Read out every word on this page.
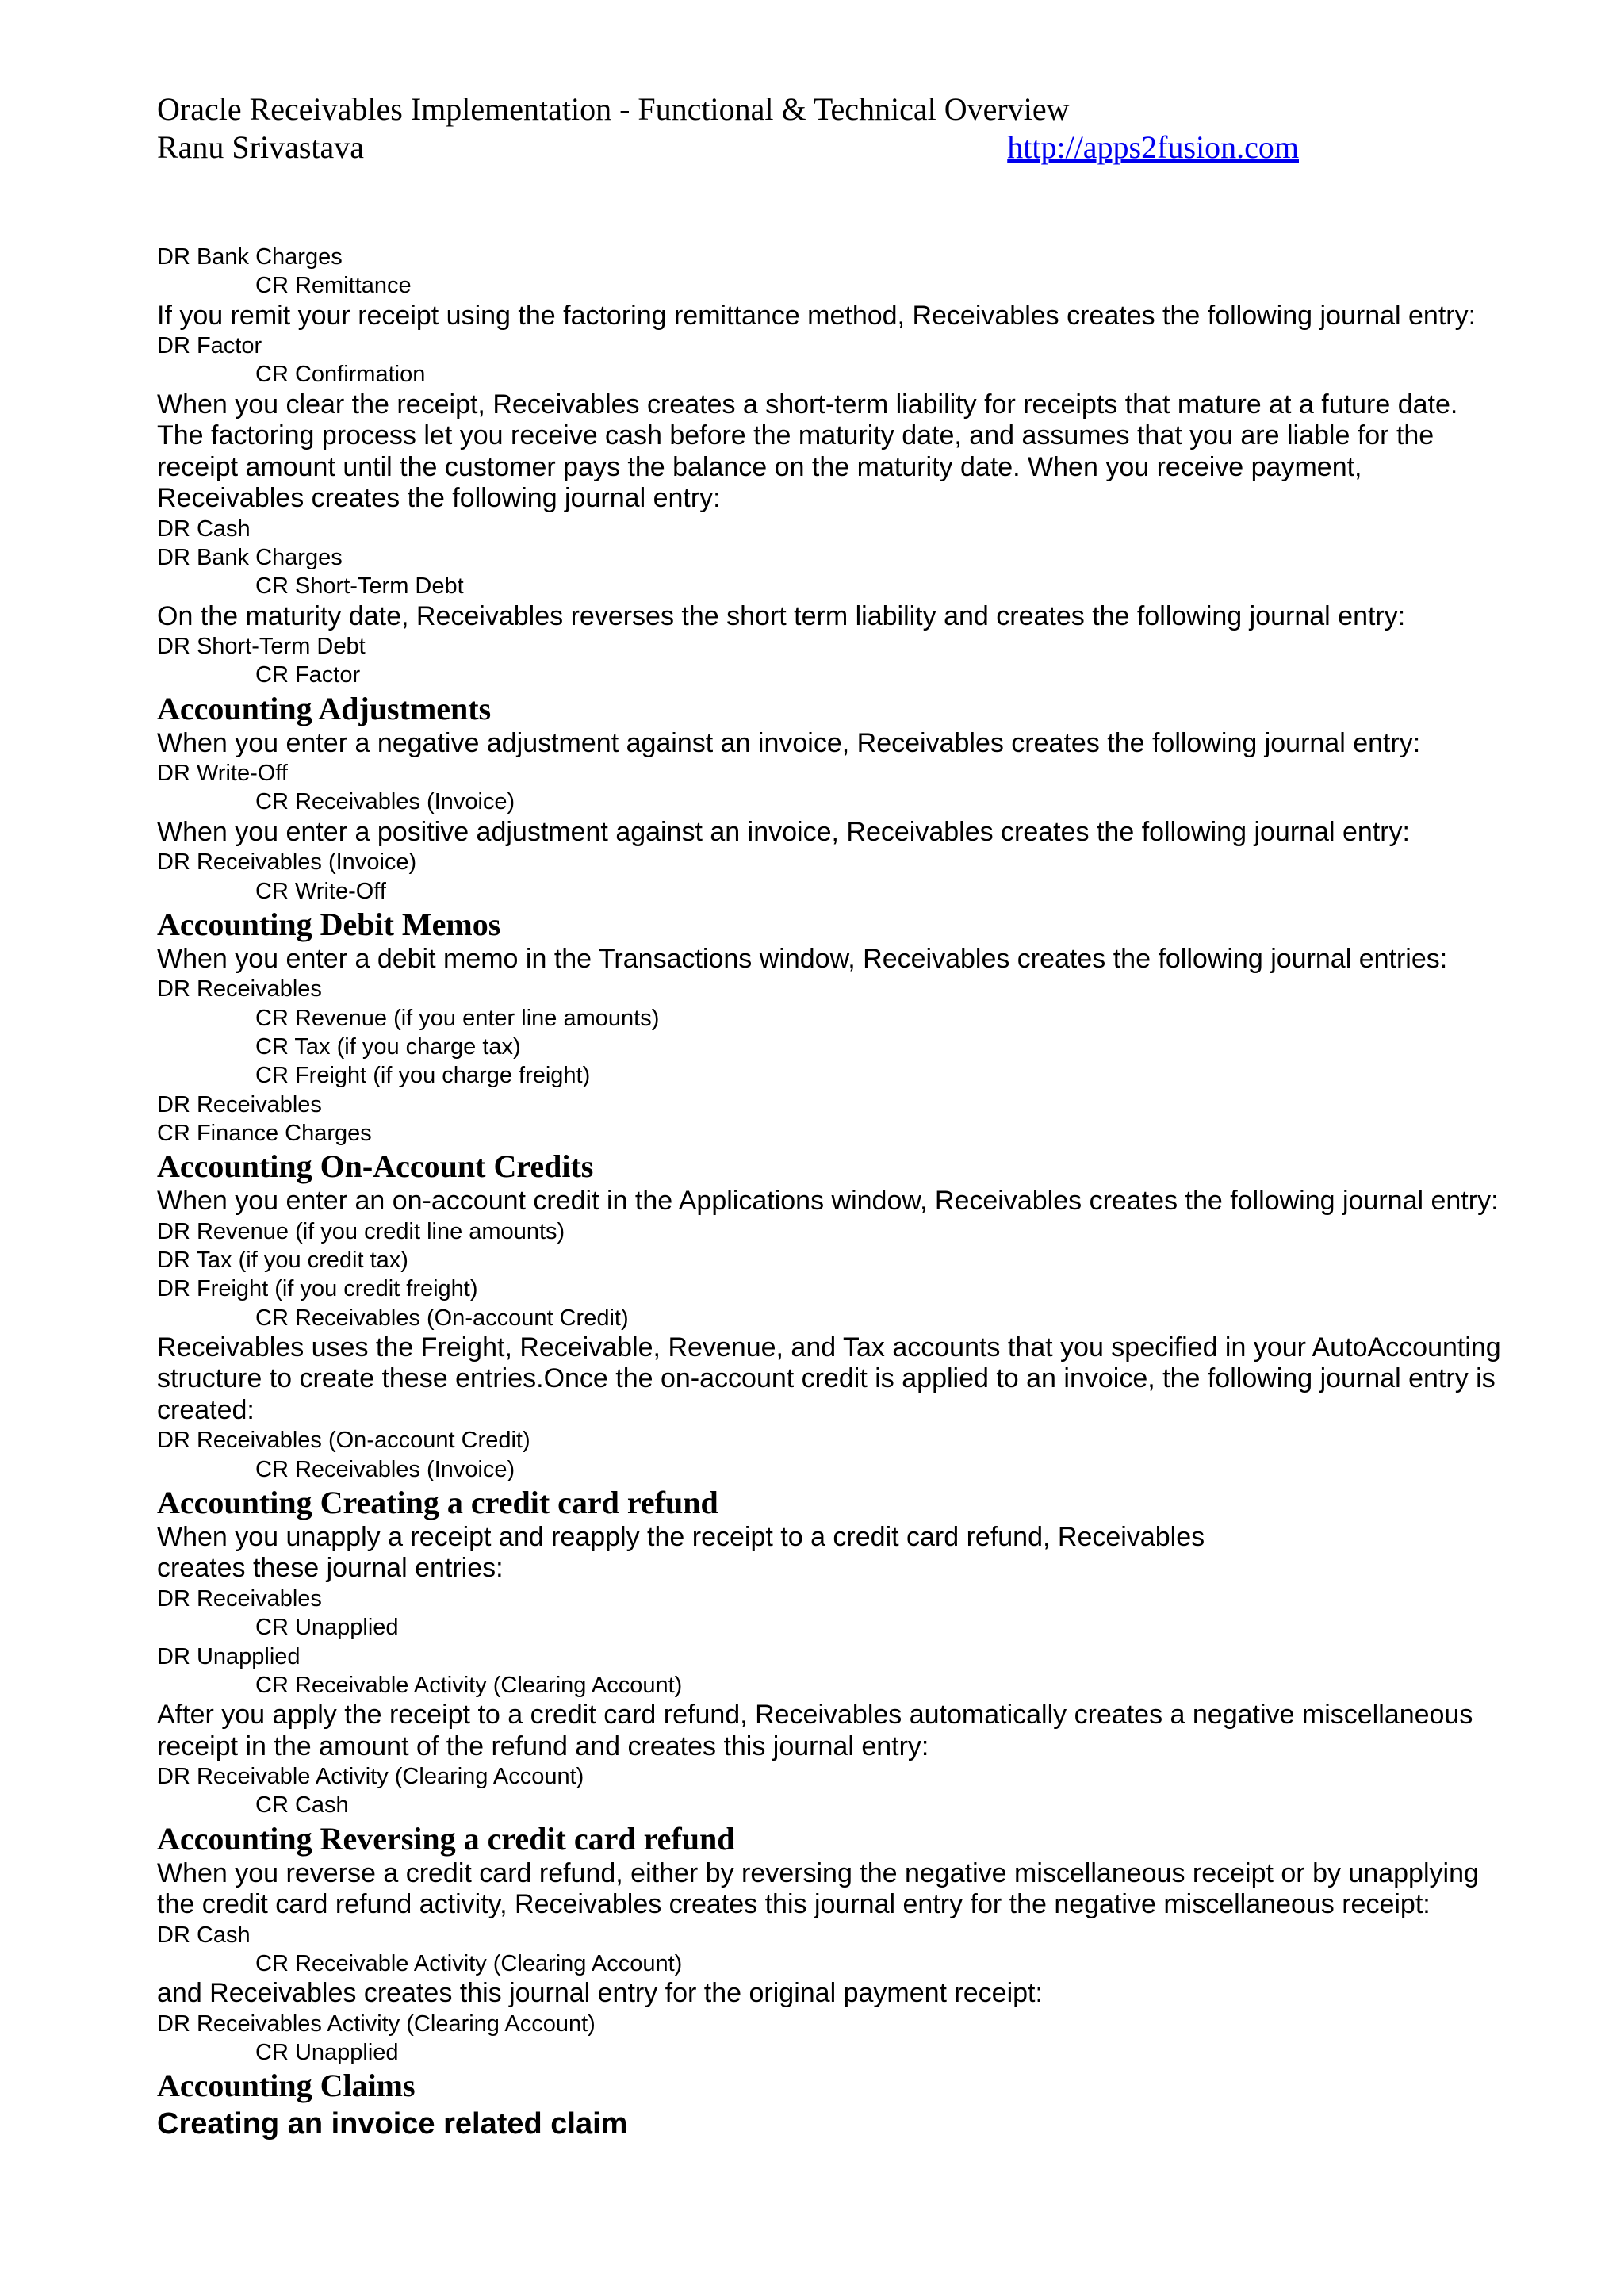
Oracle Receivables Implementation - Functional & Technical Overview
Ranu Srivastava	http://apps2fusion.com
DR Bank Charges
CR Remittance
If you remit your receipt using the factoring remittance method, Receivables creates the following journal entry:
DR Factor
CR Confirmation
When you clear the receipt, Receivables creates a short-term liability for receipts that mature at a future date.
The factoring process let you receive cash before the maturity date, and assumes that you are liable for the
receipt amount until the customer pays the balance on the maturity date. When you receive payment,
Receivables creates the following journal entry:
DR Cash
DR Bank Charges
CR Short-Term Debt
On the maturity date, Receivables reverses the short term liability and creates the following journal entry:
DR Short-Term Debt
CR Factor
Accounting Adjustments
When you enter a negative adjustment against an invoice, Receivables creates the following journal entry:
DR Write-Off
CR Receivables (Invoice)
When you enter a positive adjustment against an invoice, Receivables creates the following journal entry:
DR Receivables (Invoice)
CR Write-Off
Accounting Debit Memos
When you enter a debit memo in the Transactions window, Receivables creates the following journal entries:
DR Receivables
CR Revenue (if you enter line amounts)
CR Tax (if you charge tax)
CR Freight (if you charge freight)
DR Receivables
CR Finance Charges
Accounting On-Account Credits
When you enter an on-account credit in the Applications window, Receivables creates the following journal entry:
DR Revenue (if you credit line amounts)
DR Tax (if you credit tax)
DR Freight (if you credit freight)
CR Receivables (On-account Credit)
Receivables uses the Freight, Receivable, Revenue, and Tax accounts that you specified in your AutoAccounting
structure to create these entries.Once the on-account credit is applied to an invoice, the following journal entry is
created:
DR Receivables (On-account Credit)
CR Receivables (Invoice)
Accounting Creating a credit card refund
When you unapply a receipt and reapply the receipt to a credit card refund, Receivables
creates these journal entries:
DR Receivables
CR Unapplied
DR Unapplied
CR Receivable Activity (Clearing Account)
After you apply the receipt to a credit card refund, Receivables automatically creates a negative miscellaneous
receipt in the amount of the refund and creates this journal entry:
DR Receivable Activity (Clearing Account)
CR Cash
Accounting Reversing a credit card refund
When you reverse a credit card refund, either by reversing the negative miscellaneous receipt or by unapplying
the credit card refund activity, Receivables creates this journal entry for the negative miscellaneous receipt:
DR Cash
CR Receivable Activity (Clearing Account)
and Receivables creates this journal entry for the original payment receipt:
DR Receivables Activity (Clearing Account)
CR Unapplied
Accounting Claims
Creating an invoice related claim
